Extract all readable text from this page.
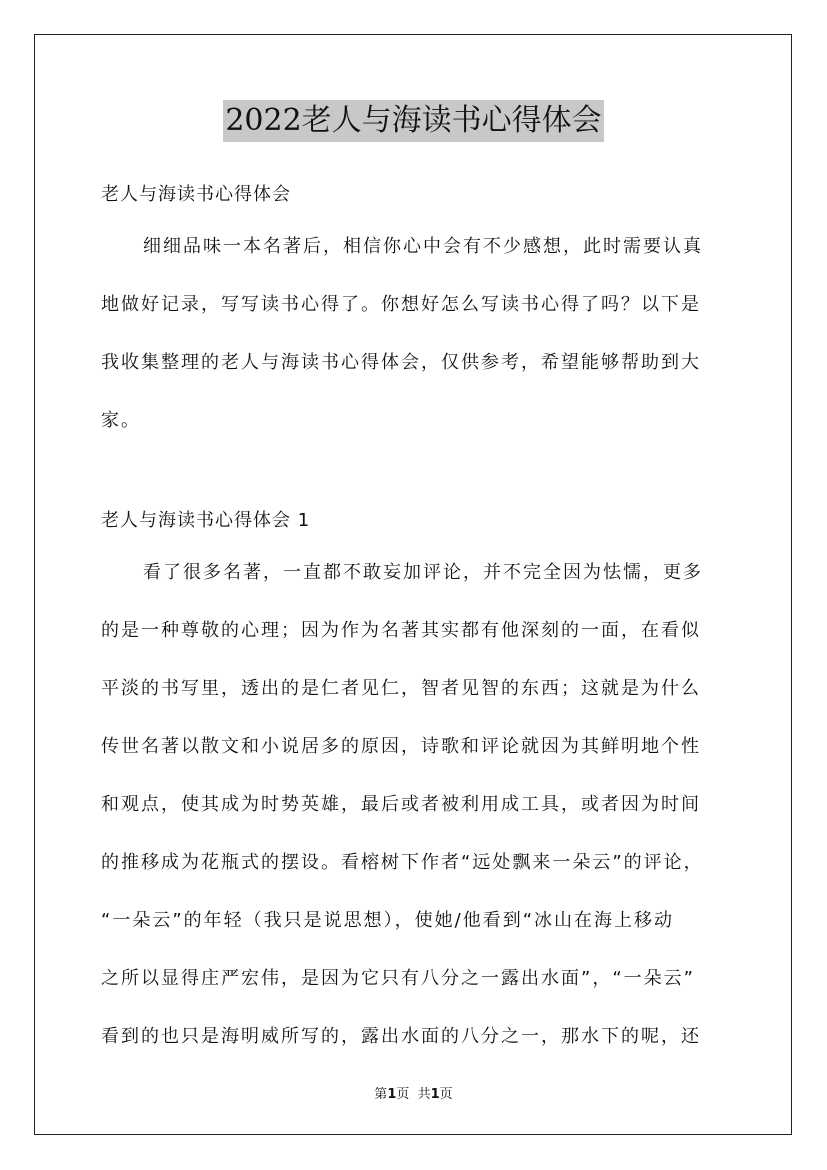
2022老人与海读书心得体会
老人与海读书心得体会
细细品味一本名著后，相信你心中会有不少感想，此时需要认真
地做好记录，写写读书心得了。你想好怎么写读书心得了吗？以下是
我收集整理的老人与海读书心得体会，仅供参考，希望能够帮助到大
家。
老人与海读书心得体会 1
看了很多名著，一直都不敢妄加评论，并不完全因为怯懦，更多
的是一种尊敬的心理；因为作为名著其实都有他深刻的一面，在看似
平淡的书写里，透出的是仁者见仁，智者见智的东西；这就是为什么
传世名著以散文和小说居多的原因，诗歌和评论就因为其鲜明地个性
和观点，使其成为时势英雄，最后或者被利用成工具，或者因为时间
的推移成为花瓶式的摆设。看榕树下作者“远处飘来一朵云”的评论，
“一朵云”的年轻（我只是说思想），使她/他看到“冰山在海上移动
之所以显得庄严宏伟，是因为它只有八分之一露出水面”，“一朵云”
看到的也只是海明威所写的，露出水面的八分之一，那水下的呢，还
第1页  共1页
